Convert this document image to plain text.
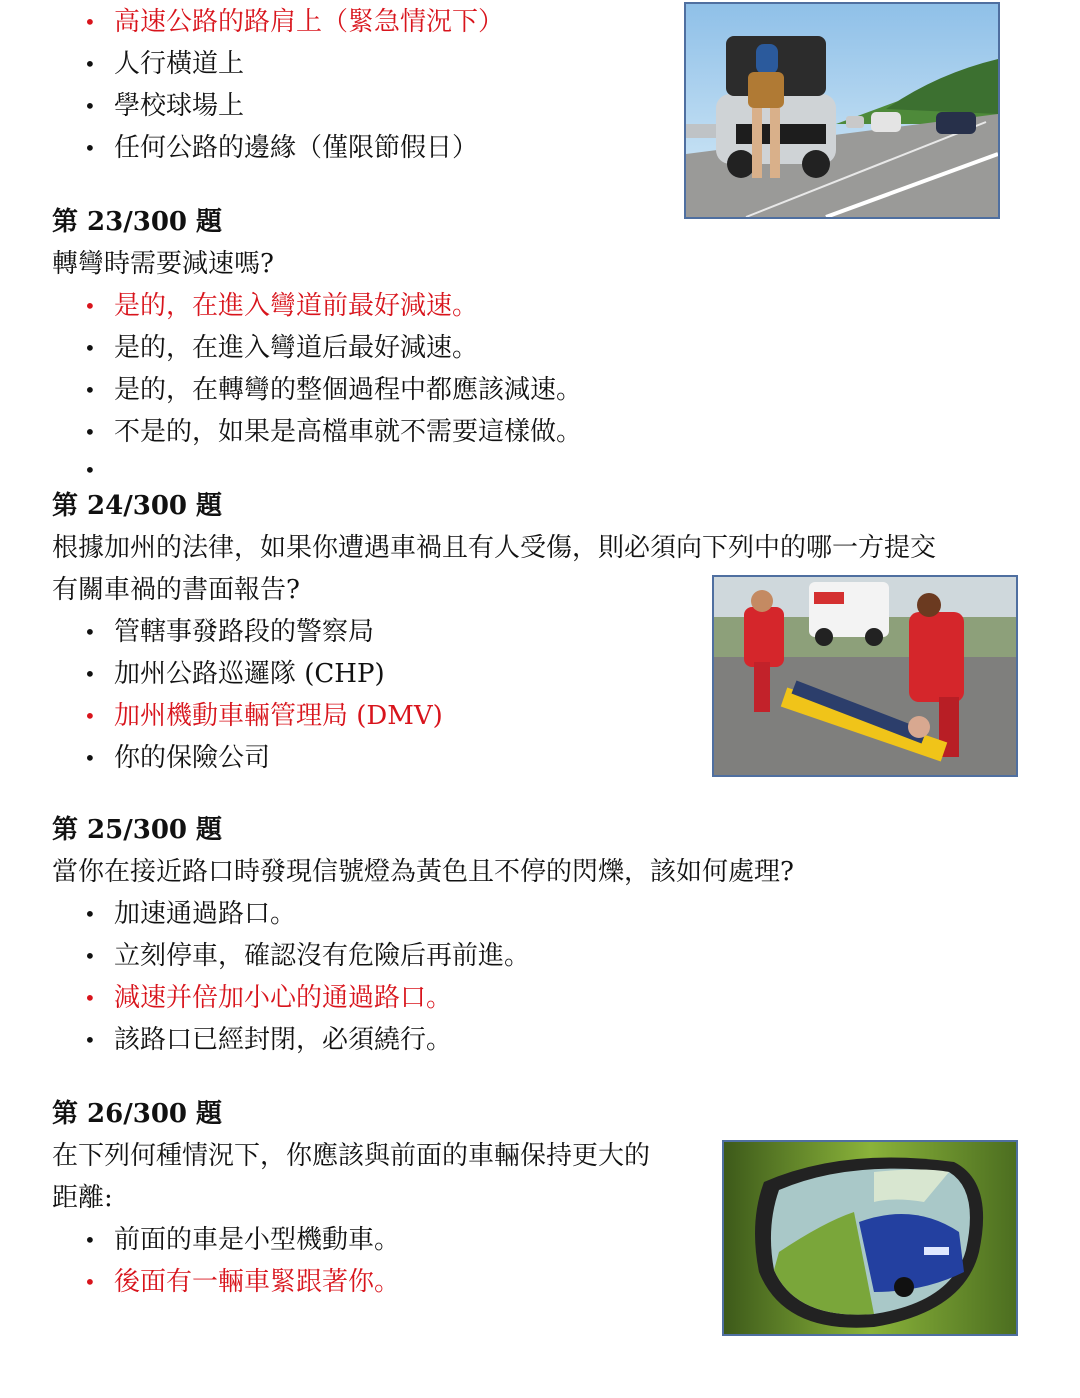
• 高速公路的路肩上（緊急情況下）
• 人行橫道上
• 學校球場上
• 任何公路的邊緣（僅限節假日）
第 23/300 題
轉彎時需要減速嗎?
• 是的，在進入彎道前最好減速。
• 是的，在進入彎道后最好減速。
• 是的，在轉彎的整個過程中都應該減速。
• 不是的，如果是高檔車就不需要這樣做。
•
第 24/300 題
根據加州的法律，如果你遭遇車禍且有人受傷，則必須向下列中的哪一方提交
有關車禍的書面報告?
• 管轄事發路段的警察局
• 加州公路巡邏隊 (CHP)
• 加州機動車輛管理局 (DMV)
• 你的保險公司
第 25/300 題
當你在接近路口時發現信號燈為黃色且不停的閃爍，該如何處理?
• 加速通過路口。
• 立刻停車，確認沒有危險后再前進。
• 減速并倍加小心的通過路口。
• 該路口已經封閉，必須繞行。
第 26/300 題
在下列何種情況下，你應該與前面的車輛保持更大的
距離:
• 前面的車是小型機動車。
• 後面有一輛車緊跟著你。
